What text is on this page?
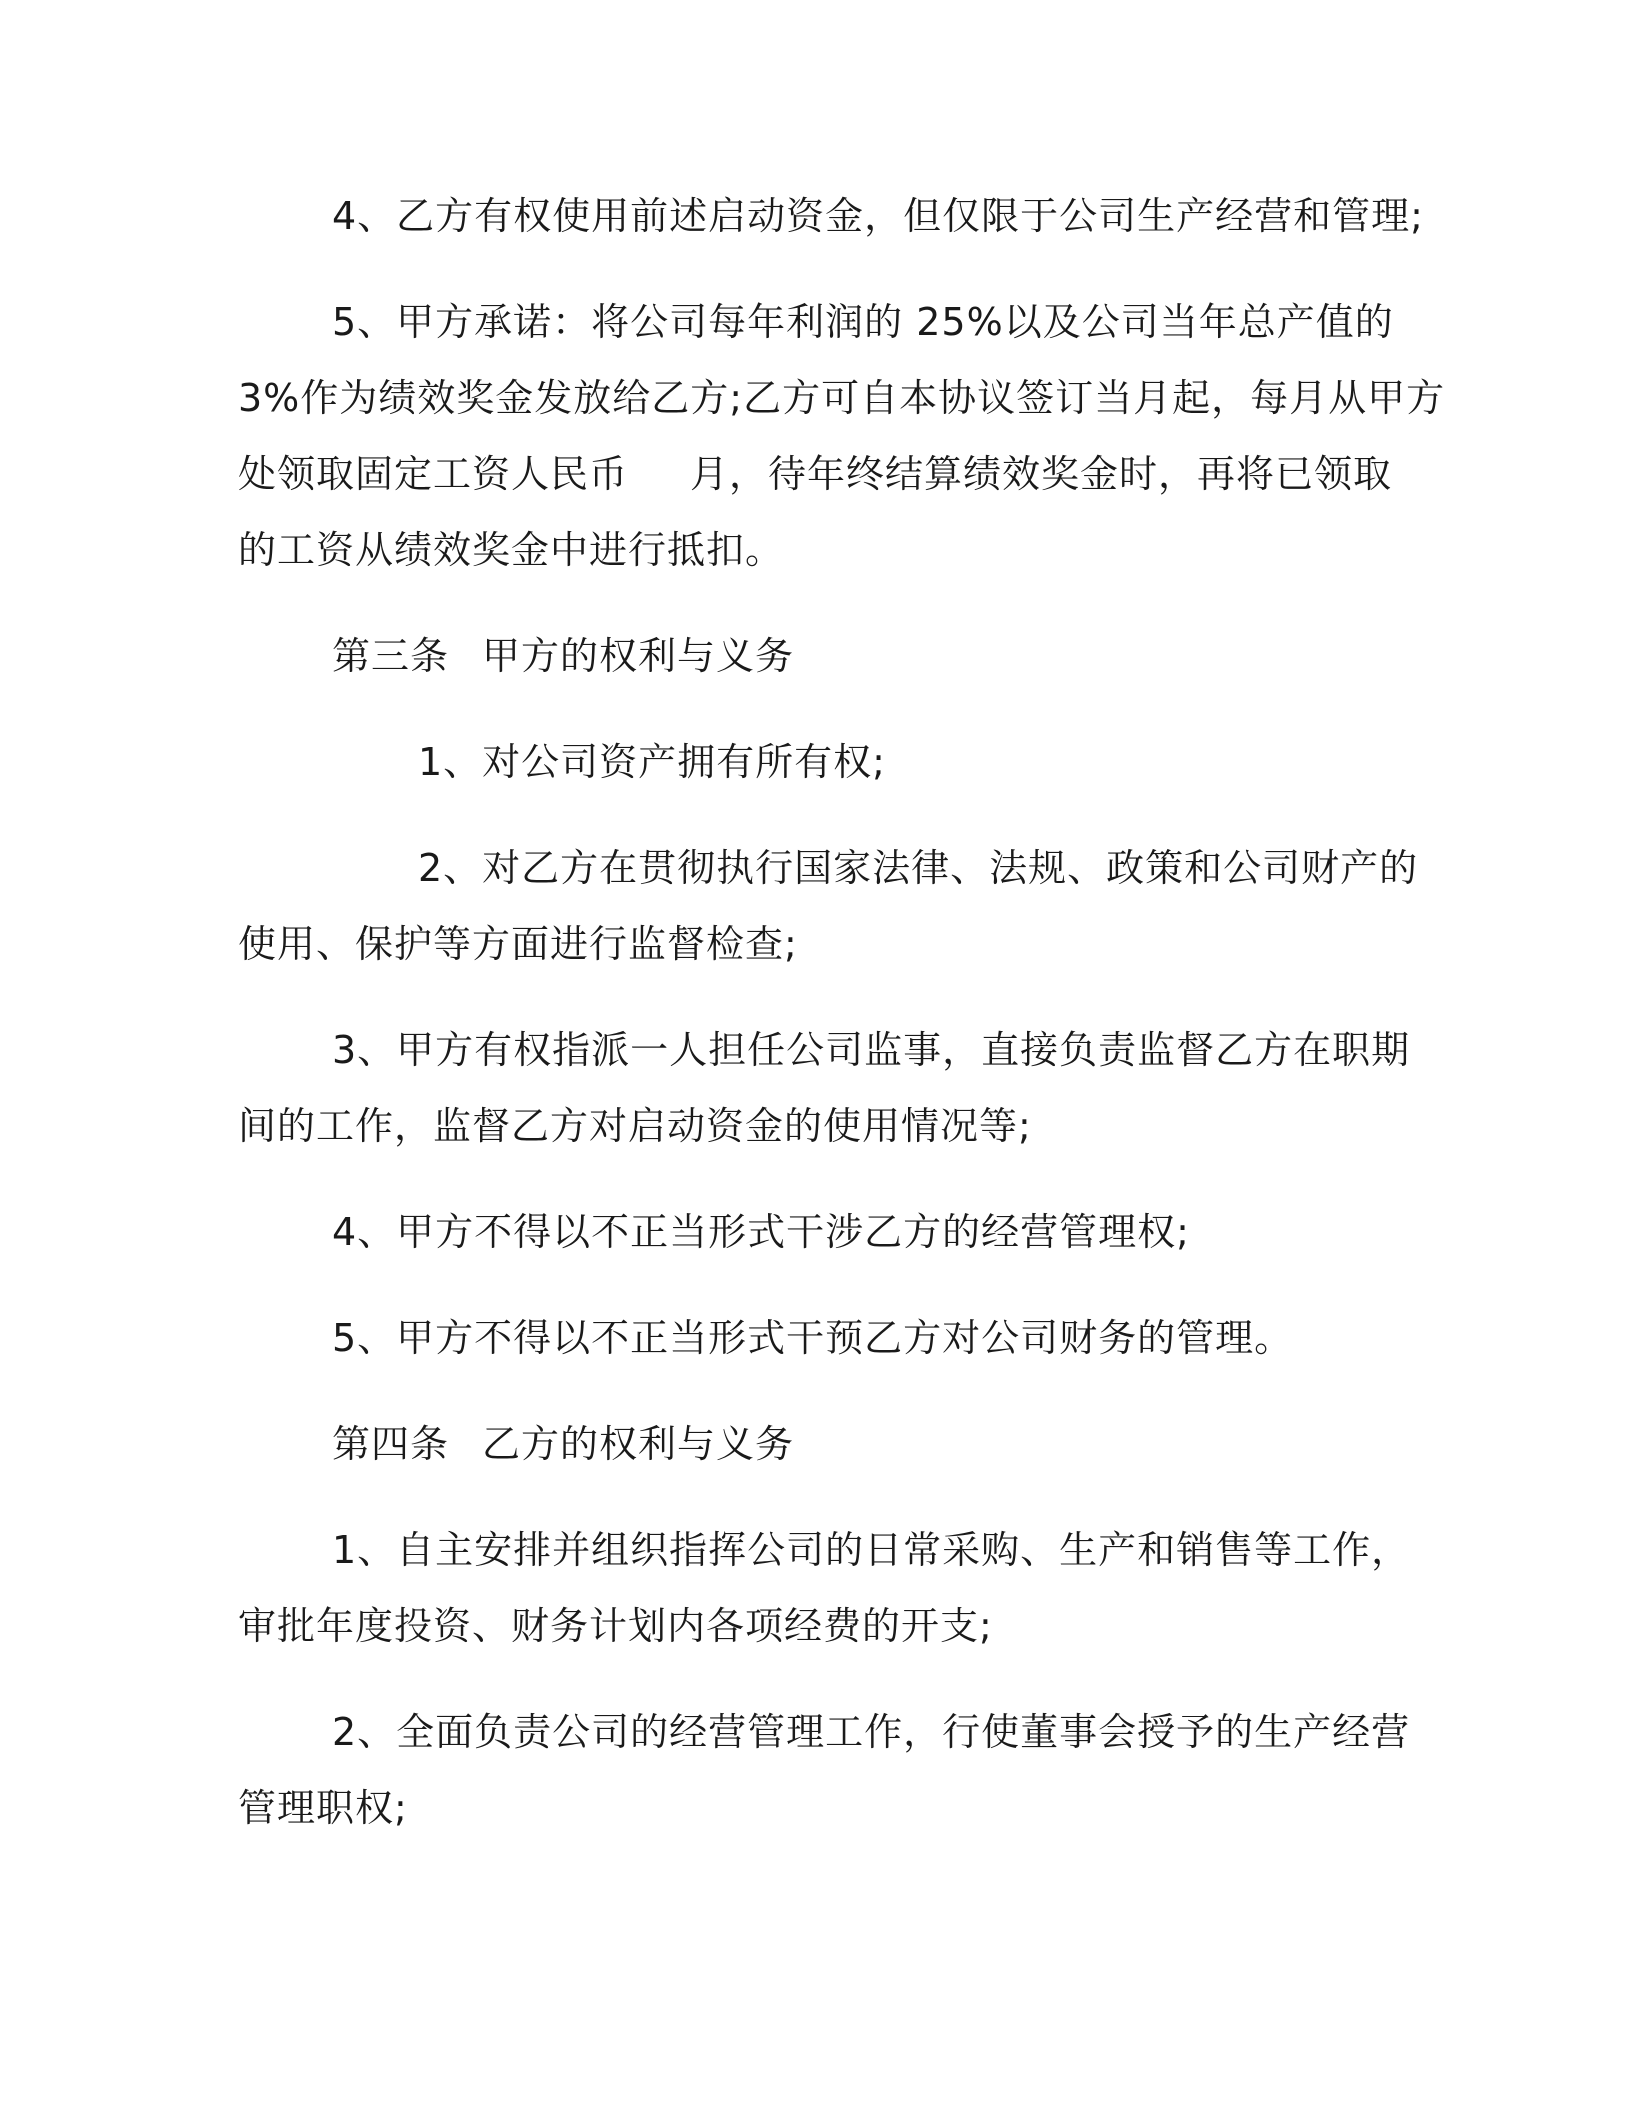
4、乙方有权使用前述启动资金，但仅限于公司生产经营和管理;
5、甲方承诺：将公司每年利润的 25%以及公司当年总产值的
3%作为绩效奖金发放给乙方;乙方可自本协议签订当月起，每月从甲方
处领取固定工资人民币 月，待年终结算绩效奖金时，再将已领取
的工资从绩效奖金中进行抵扣。
第三条 甲方的权利与义务
1、对公司资产拥有所有权;
2、对乙方在贯彻执行国家法律、法规、政策和公司财产的
使用、保护等方面进行监督检查;
3、甲方有权指派一人担任公司监事，直接负责监督乙方在职期
间的工作，监督乙方对启动资金的使用情况等;
4、甲方不得以不正当形式干涉乙方的经营管理权;
5、甲方不得以不正当形式干预乙方对公司财务的管理。
第四条 乙方的权利与义务
1、自主安排并组织指挥公司的日常采购、生产和销售等工作，
审批年度投资、财务计划内各项经费的开支;
2、全面负责公司的经营管理工作，行使董事会授予的生产经营
管理职权;
